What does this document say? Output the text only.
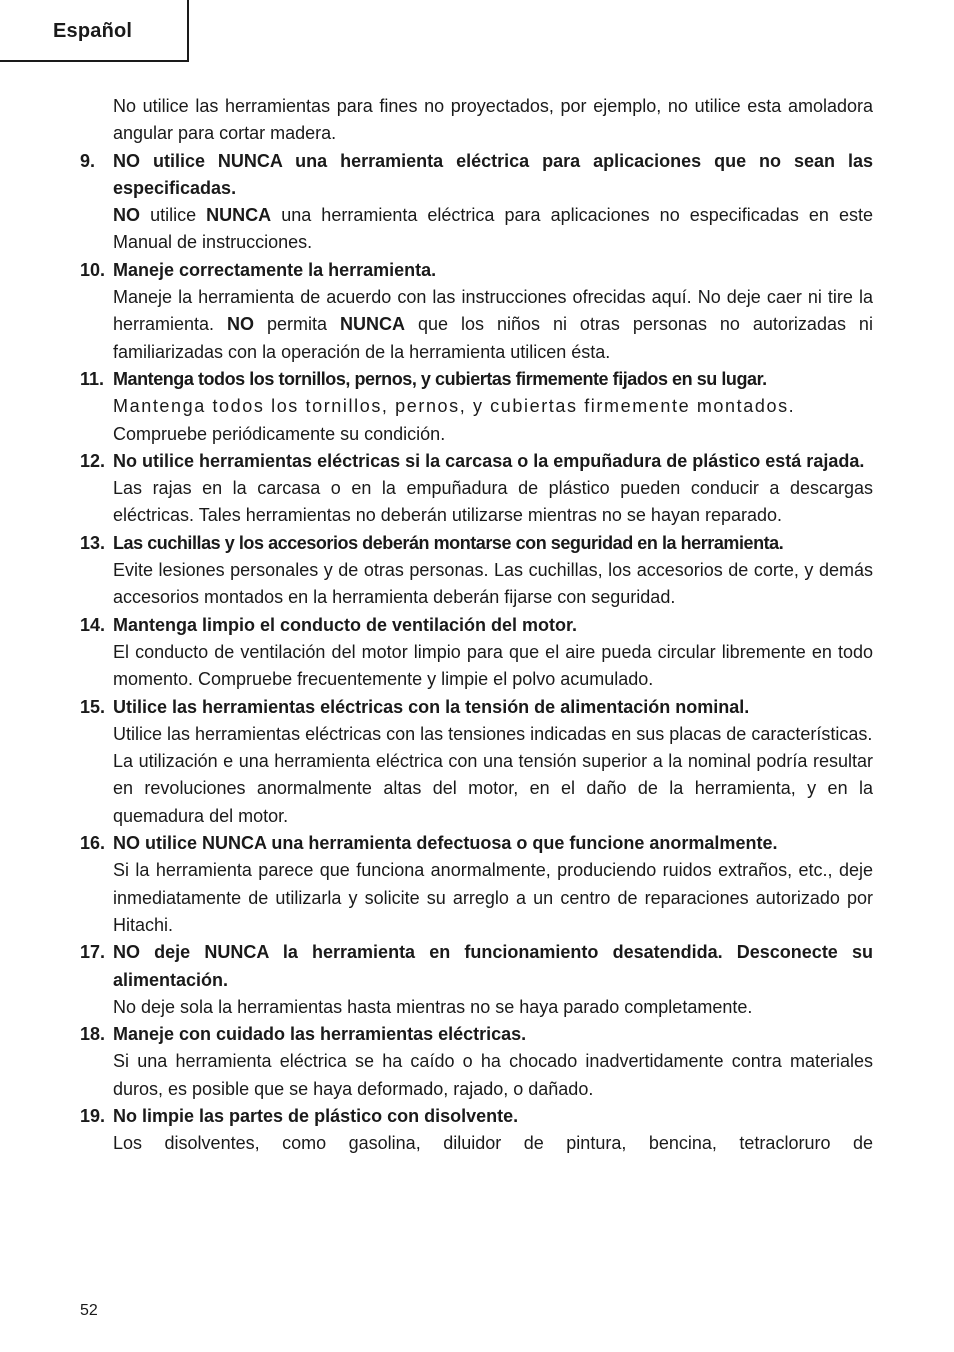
Español

No utilice las herramientas para fines no proyectados, por ejemplo, no utilice esta amoladora angular para cortar madera.

9. NO utilice NUNCA una herramienta eléctrica para aplicaciones que no sean las especificadas.

NO utilice NUNCA una herramienta eléctrica para aplicaciones no especificadas en este Manual de instrucciones.

10. Maneje correctamente la herramienta.

Maneje la herramienta de acuerdo con las instrucciones ofrecidas aquí. No deje caer ni tire la herramienta. NO permita NUNCA que los niños ni otras personas no autorizadas ni familiarizadas con la operación de la herramienta utilicen ésta.

11. Mantenga todos los tornillos, pernos, y cubiertas firmemente fijados en su lugar.

Mantenga todos los tornillos, pernos, y cubiertas firmemente montados.

Compruebe periódicamente su condición.

12. No utilice herramientas eléctricas si la carcasa o la empuñadura de plástico está rajada.

Las rajas en la carcasa o en la empuñadura de plástico pueden conducir a descargas eléctricas. Tales herramientas no deberán utilizarse mientras no se hayan reparado.

13. Las cuchillas y los accesorios deberán montarse con seguridad en la herramienta.

Evite lesiones personales y de otras personas. Las cuchillas, los accesorios de corte, y demás accesorios montados en la herramienta deberán fijarse con seguridad.

14. Mantenga limpio el conducto de ventilación del motor.

El conducto de ventilación del motor limpio para que el aire pueda circular libremente en todo momento. Compruebe frecuentemente y limpie el polvo acumulado.

15. Utilice las herramientas eléctricas con la tensión de alimentación nominal.

Utilice las herramientas eléctricas con las tensiones indicadas en sus placas de características.

La utilización e una herramienta eléctrica con una tensión superior a la nominal podría resultar en revoluciones anormalmente altas del motor, en el daño de la herramienta, y en la quemadura del motor.

16. NO utilice NUNCA una herramienta defectuosa o que funcione anormalmente.

Si la herramienta parece que funciona anormalmente, produciendo ruidos extraños, etc., deje inmediatamente de utilizarla y solicite su arreglo a un centro de reparaciones autorizado por Hitachi.

17. NO deje NUNCA la herramienta en funcionamiento desatendida. Desconecte su alimentación.

No deje sola la herramientas hasta mientras no se haya parado completamente.

18. Maneje con cuidado las herramientas eléctricas.

Si una herramienta eléctrica se ha caído o ha chocado inadvertidamente contra materiales duros, es posible que se haya deformado, rajado, o dañado.

19. No limpie las partes de plástico con disolvente.

Los disolventes, como gasolina, diluidor de pintura, bencina, tetracloruro de

52
